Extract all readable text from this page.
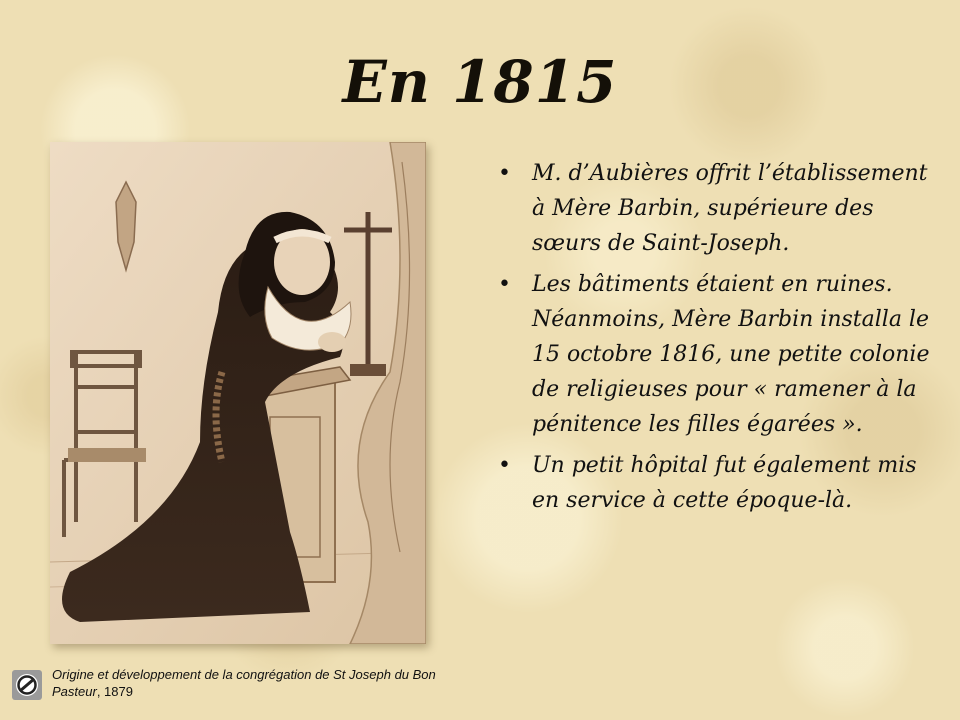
En 1815
• M. d’Aubières offrit l’établissement à Mère Barbin, supérieure des sœurs de Saint-Joseph.
• Les bâtiments étaient en ruines. Néanmoins, Mère Barbin installa le 15 octobre 1816, une petite colonie de religieuses pour « ramener à la pénitence les filles égarées ».
• Un petit hôpital fut également mis en service à cette époque-là.
Origine et développement de la congrégation de St Joseph du Bon Pasteur, 1879
